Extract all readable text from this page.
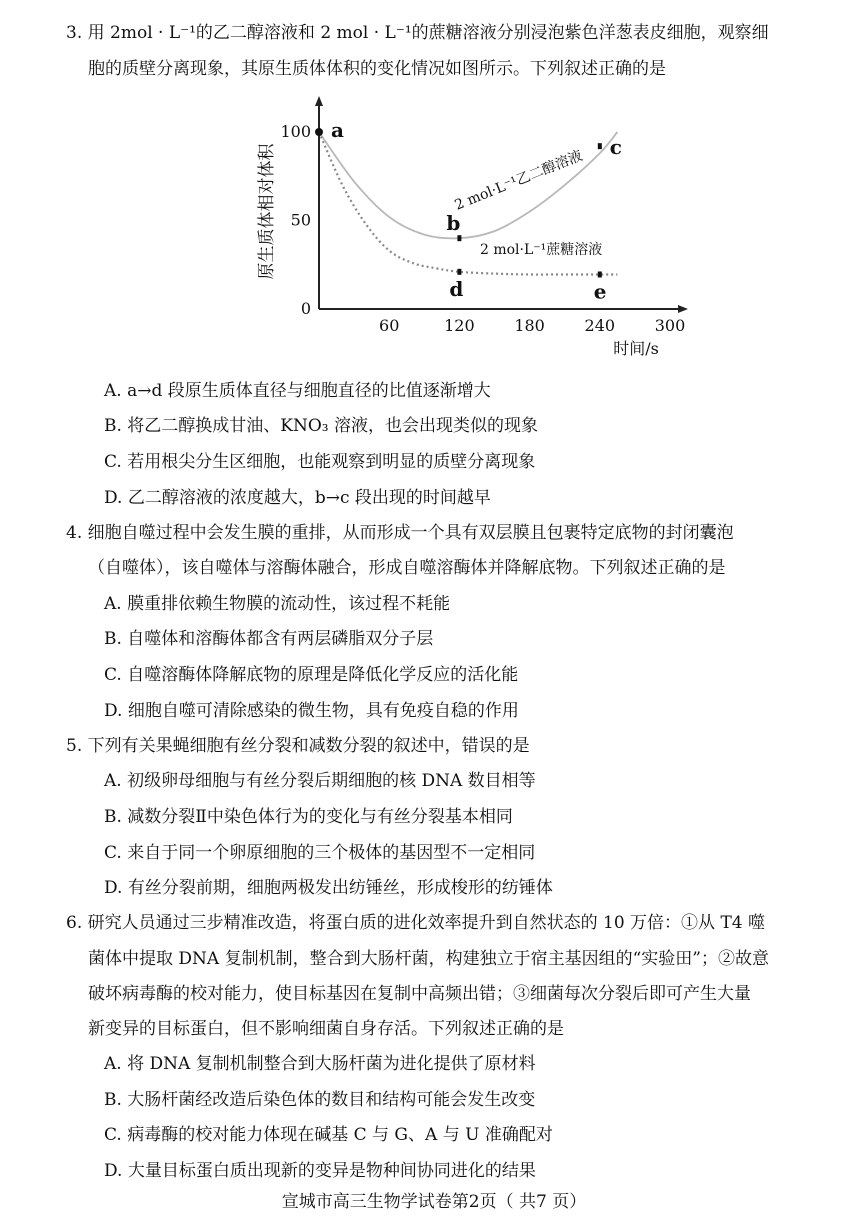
3. 用 2mol · L⁻¹的乙二醇溶液和 2 mol · L⁻¹的蔗糖溶液分别浸泡紫色洋葱表皮细胞，观察细
胞的质壁分离现象，其原生质体体积的变化情况如图所示。下列叙述正确的是
0
50
100
60	120 180 240 300
时间/s
原生质体相对体积	2 mol·L⁻¹乙二醇溶液
2 mol·L⁻¹蔗糖溶液
a
b
c
d	e
A. a→d 段原生质体直径与细胞直径的比值逐渐增大
B. 将乙二醇换成甘油、KNO₃ 溶液，也会出现类似的现象
C. 若用根尖分生区细胞，也能观察到明显的质壁分离现象
D. 乙二醇溶液的浓度越大，b→c 段出现的时间越早
4. 细胞自噬过程中会发生膜的重排，从而形成一个具有双层膜且包裹特定底物的封闭囊泡
（自噬体），该自噬体与溶酶体融合，形成自噬溶酶体并降解底物。下列叙述正确的是
A. 膜重排依赖生物膜的流动性，该过程不耗能
B. 自噬体和溶酶体都含有两层磷脂双分子层
C. 自噬溶酶体降解底物的原理是降低化学反应的活化能
D. 细胞自噬可清除感染的微生物，具有免疫自稳的作用
5. 下列有关果蝇细胞有丝分裂和减数分裂的叙述中，错误的是
A. 初级卵母细胞与有丝分裂后期细胞的核 DNA 数目相等
B. 减数分裂Ⅱ中染色体行为的变化与有丝分裂基本相同
C. 来自于同一个卵原细胞的三个极体的基因型不一定相同
D. 有丝分裂前期，细胞两极发出纺锤丝，形成梭形的纺锤体
6. 研究人员通过三步精准改造，将蛋白质的进化效率提升到自然状态的 10 万倍：①从 T4 噬
菌体中提取 DNA 复制机制，整合到大肠杆菌，构建独立于宿主基因组的“实验田”；②故意
破坏病毒酶的校对能力，使目标基因在复制中高频出错；③细菌每次分裂后即可产生大量
新变异的目标蛋白，但不影响细菌自身存活。下列叙述正确的是
A. 将 DNA 复制机制整合到大肠杆菌为进化提供了原材料
B. 大肠杆菌经改造后染色体的数目和结构可能会发生改变
C. 病毒酶的校对能力体现在碱基 C 与 G、A 与 U 准确配对
D. 大量目标蛋白质出现新的变异是物种间协同进化的结果
宣城市高三生物学试卷第2页（ 共7 页）
